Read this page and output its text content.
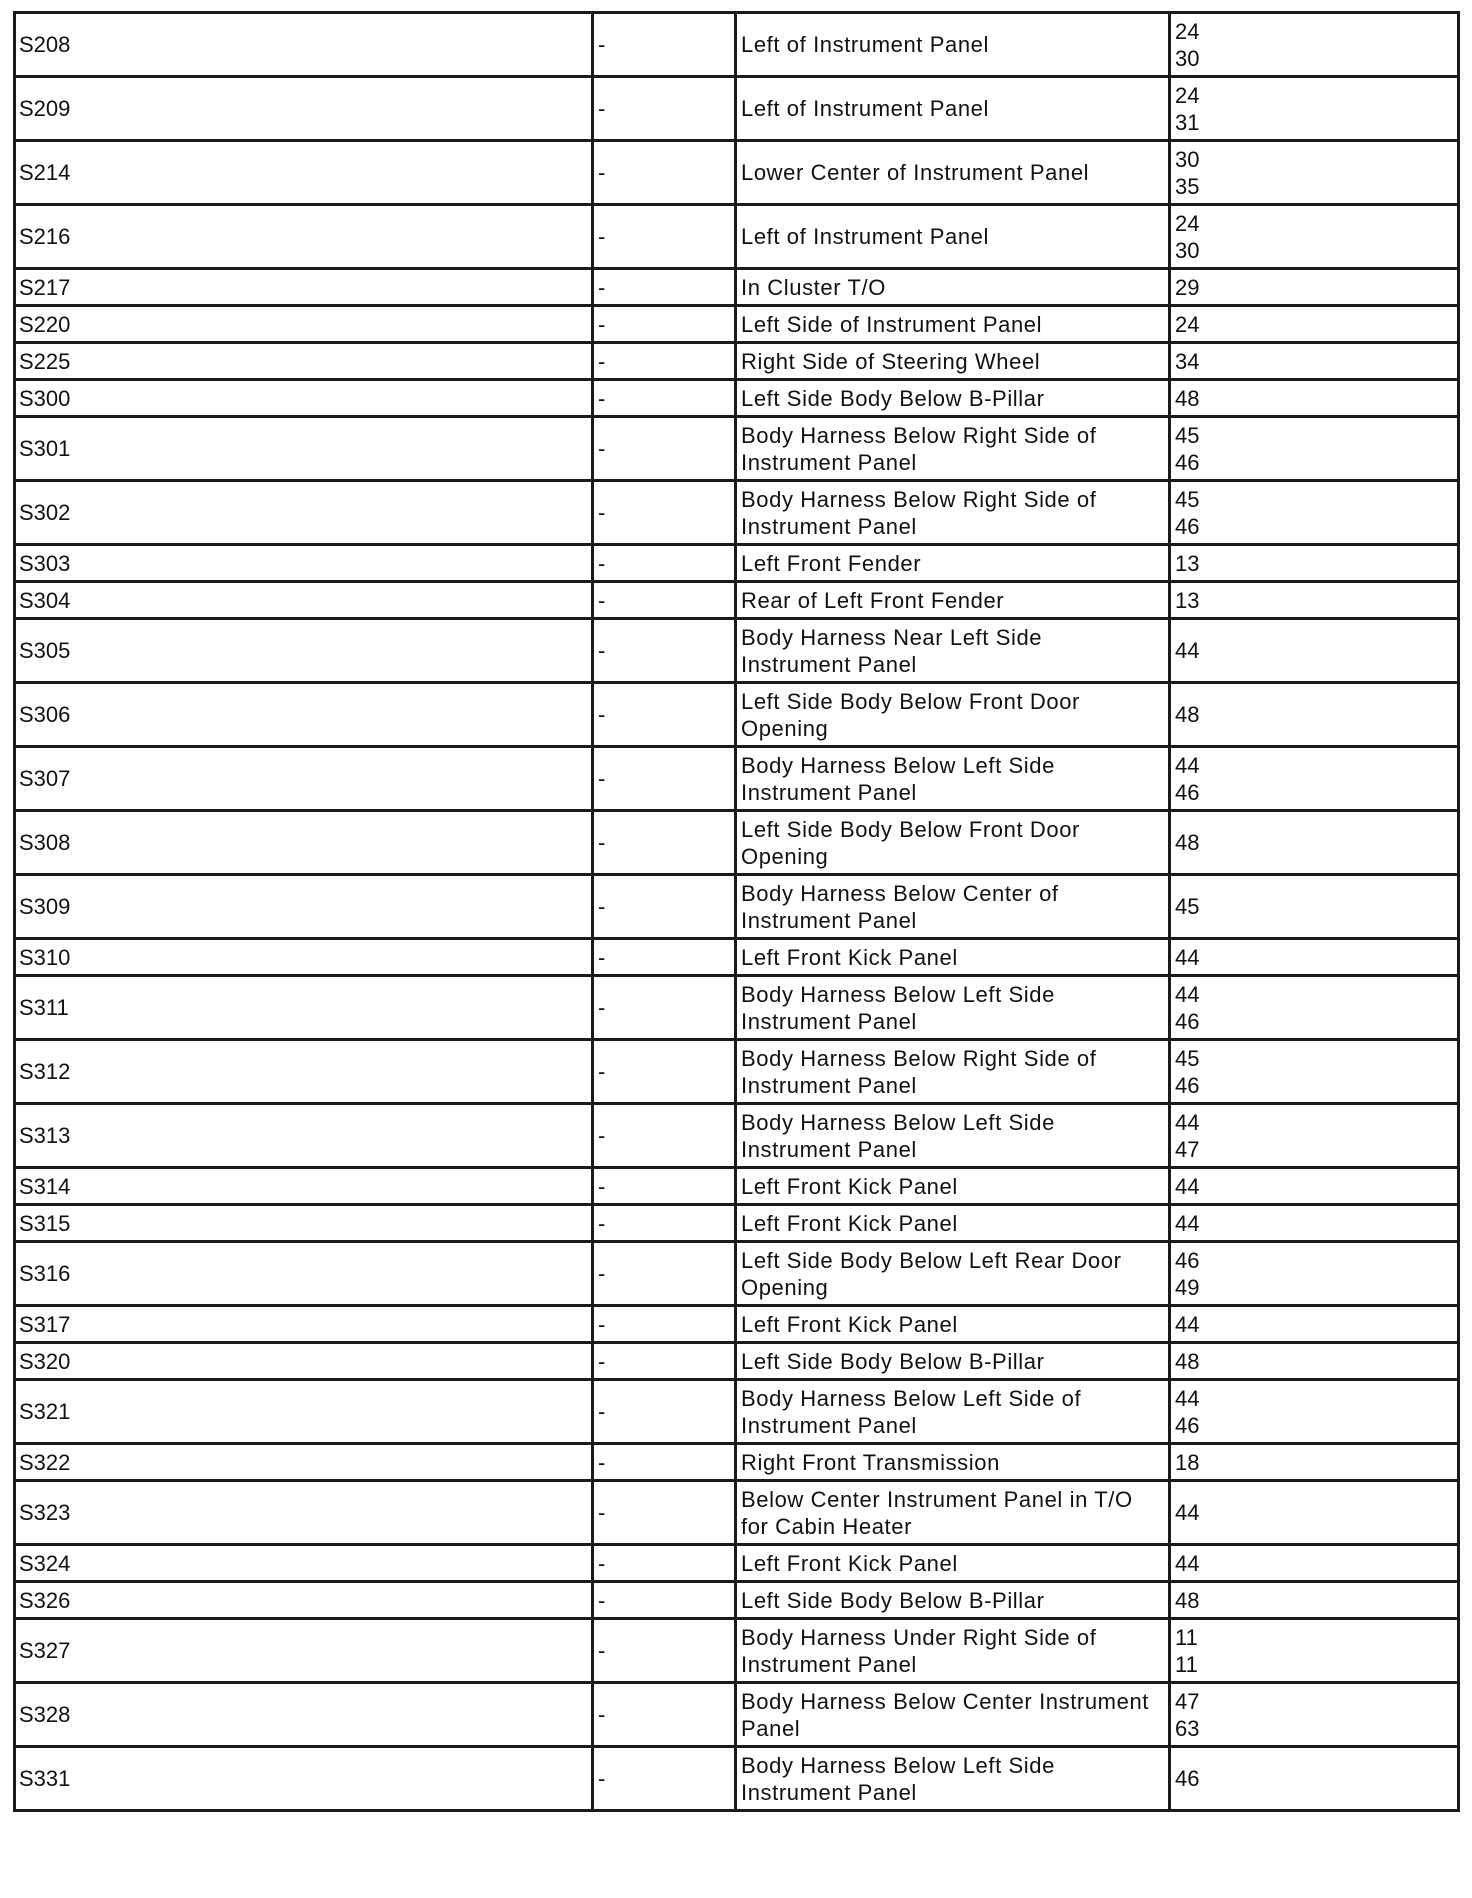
S208	-	Left of Instrument Panel	24
30

S209	-	Left of Instrument Panel	24
31

S214	-	Lower Center of Instrument Panel	30
35

S216	-	Left of Instrument Panel	24
30

S217	-	In Cluster T/O	29

S220	-	Left Side of Instrument Panel	24

S225	-	Right Side of Steering Wheel	34

S300	-	Left Side Body Below B-Pillar	48

S301	-	Body Harness Below Right Side of
Instrument Panel	45
46

S302	-	Body Harness Below Right Side of
Instrument Panel	45
46

S303	-	Left Front Fender	13

S304	-	Rear of Left Front Fender	13

S305	-	Body Harness Near Left Side
Instrument Panel	44

S306	-	Left Side Body Below Front Door
Opening	48

S307	-	Body Harness Below Left Side
Instrument Panel	44
46

S308	-	Left Side Body Below Front Door
Opening	48

S309	-	Body Harness Below Center of
Instrument Panel	45

S310	-	Left Front Kick Panel	44

S311	-	Body Harness Below Left Side
Instrument Panel	44
46

S312	-	Body Harness Below Right Side of
Instrument Panel	45
46

S313	-	Body Harness Below Left Side
Instrument Panel	44
47

S314	-	Left Front Kick Panel	44

S315	-	Left Front Kick Panel	44

S316	-	Left Side Body Below Left Rear Door
Opening	46
49

S317	-	Left Front Kick Panel	44

S320	-	Left Side Body Below B-Pillar	48

S321	-	Body Harness Below Left Side of
Instrument Panel	44
46

S322	-	Right Front Transmission	18

S323	-	Below Center Instrument Panel in T/O
for Cabin Heater	44

S324	-	Left Front Kick Panel	44

S326	-	Left Side Body Below B-Pillar	48

S327	-	Body Harness Under Right Side of
Instrument Panel	11
11

S328	-	Body Harness Below Center Instrument
Panel	47
63

S331	-	Body Harness Below Left Side
Instrument Panel	46
